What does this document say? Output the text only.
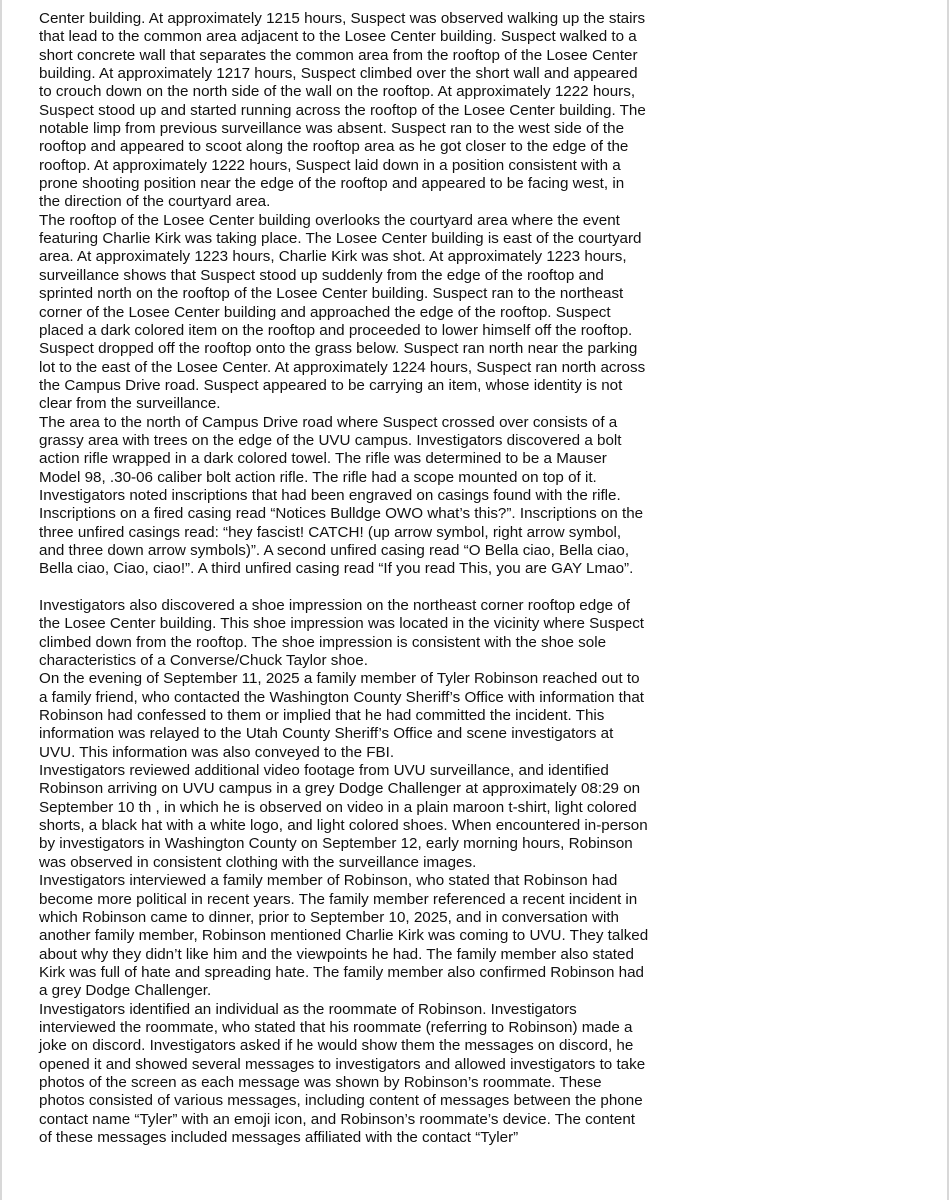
Center building. At approximately 1215 hours, Suspect was observed walking up the stairs that lead to the common area adjacent to the Losee Center building. Suspect walked to a short concrete wall that separates the common area from the rooftop of the Losee Center building. At approximately 1217 hours, Suspect climbed over the short wall and appeared to crouch down on the north side of the wall on the rooftop. At approximately 1222 hours, Suspect stood up and started running across the rooftop of the Losee Center building. The notable limp from previous surveillance was absent. Suspect ran to the west side of the rooftop and appeared to scoot along the rooftop area as he got closer to the edge of the rooftop. At approximately 1222 hours, Suspect laid down in a position consistent with a prone shooting position near the edge of the rooftop and appeared to be facing west, in the direction of the courtyard area.

The rooftop of the Losee Center building overlooks the courtyard area where the event featuring Charlie Kirk was taking place. The Losee Center building is east of the courtyard area. At approximately 1223 hours, Charlie Kirk was shot. At approximately 1223 hours, surveillance shows that Suspect stood up suddenly from the edge of the rooftop and sprinted north on the rooftop of the Losee Center building. Suspect ran to the northeast corner of the Losee Center building and approached the edge of the rooftop. Suspect placed a dark colored item on the rooftop and proceeded to lower himself off the rooftop. Suspect dropped off the rooftop onto the grass below. Suspect ran north near the parking lot to the east of the Losee Center. At approximately 1224 hours, Suspect ran north across the Campus Drive road. Suspect appeared to be carrying an item, whose identity is not clear from the surveillance.

The area to the north of Campus Drive road where Suspect crossed over consists of a grassy area with trees on the edge of the UVU campus. Investigators discovered a bolt action rifle wrapped in a dark colored towel. The rifle was determined to be a Mauser Model 98, .30-06 caliber bolt action rifle. The rifle had a scope mounted on top of it. Investigators noted inscriptions that had been engraved on casings found with the rifle. Inscriptions on a fired casing read “Notices Bulldge OWO what’s this?”. Inscriptions on the three unfired casings read: “hey fascist! CATCH! (up arrow symbol, right arrow symbol, and three down arrow symbols)”. A second unfired casing read “O Bella ciao, Bella ciao, Bella ciao, Ciao, ciao!”. A third unfired casing read “If you read This, you are GAY Lmao”.

Investigators also discovered a shoe impression on the northeast corner rooftop edge of the Losee Center building. This shoe impression was located in the vicinity where Suspect climbed down from the rooftop. The shoe impression is consistent with the shoe sole characteristics of a Converse/Chuck Taylor shoe.

On the evening of September 11, 2025 a family member of Tyler Robinson reached out to a family friend, who contacted the Washington County Sheriff’s Office with information that Robinson had confessed to them or implied that he had committed the incident. This information was relayed to the Utah County Sheriff’s Office and scene investigators at UVU. This information was also conveyed to the FBI.

Investigators reviewed additional video footage from UVU surveillance, and identified Robinson arriving on UVU campus in a grey Dodge Challenger at approximately 08:29 on September 10 th , in which he is observed on video in a plain maroon t-shirt, light colored shorts, a black hat with a white logo, and light colored shoes. When encountered in-person by investigators in Washington County on September 12, early morning hours, Robinson was observed in consistent clothing with the surveillance images.

Investigators interviewed a family member of Robinson, who stated that Robinson had become more political in recent years. The family member referenced a recent incident in which Robinson came to dinner, prior to September 10, 2025, and in conversation with another family member, Robinson mentioned Charlie Kirk was coming to UVU. They talked about why they didn’t like him and the viewpoints he had. The family member also stated Kirk was full of hate and spreading hate. The family member also confirmed Robinson had a grey Dodge Challenger.

Investigators identified an individual as the roommate of Robinson. Investigators interviewed the roommate, who stated that his roommate (referring to Robinson) made a joke on discord. Investigators asked if he would show them the messages on discord, he opened it and showed several messages to investigators and allowed investigators to take photos of the screen as each message was shown by Robinson’s roommate. These photos consisted of various messages, including content of messages between the phone contact name “Tyler” with an emoji icon, and Robinson’s roommate’s device. The content of these messages included messages affiliated with the contact “Tyler”
